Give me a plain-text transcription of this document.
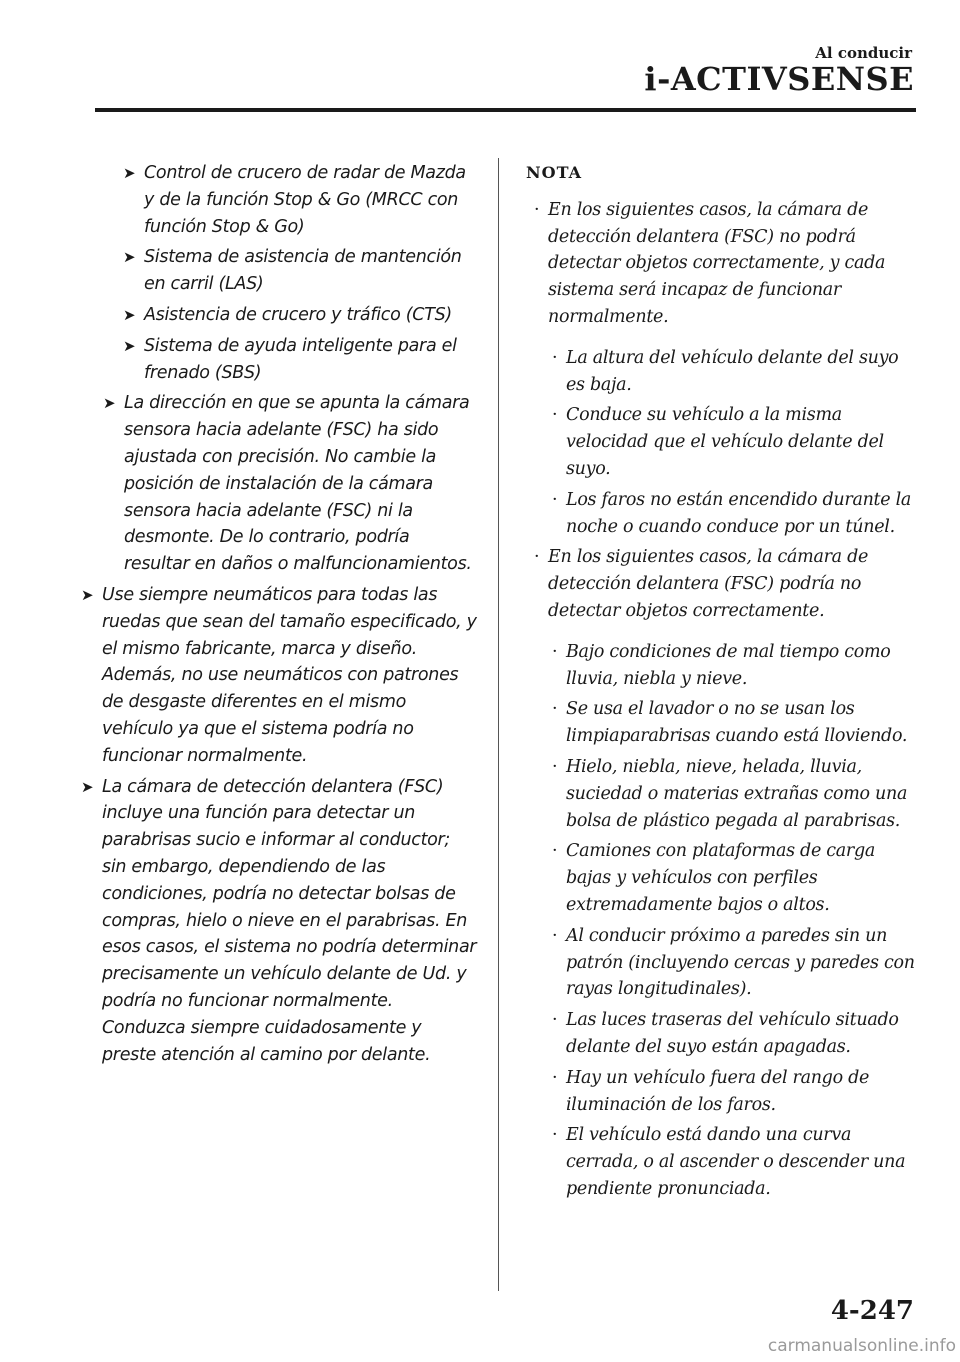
Al conducir
i-ACTIVSENSE
➤ Control de crucero de radar de Mazda y de la función Stop & Go (MRCC con función Stop & Go)
➤ Sistema de asistencia de mantención en carril (LAS)
➤ Asistencia de crucero y tráfico (CTS)
➤ Sistema de ayuda inteligente para el frenado (SBS)
➤ La dirección en que se apunta la cámara sensora hacia adelante (FSC) ha sido ajustada con precisión. No cambie la posición de instalación de la cámara sensora hacia adelante (FSC) ni la desmonte. De lo contrario, podría resultar en daños o malfuncionamientos.
➤ Use siempre neumáticos para todas las ruedas que sean del tamaño especificado, y el mismo fabricante, marca y diseño. Además, no use neumáticos con patrones de desgaste diferentes en el mismo vehículo ya que el sistema podría no funcionar normalmente.
➤ La cámara de detección delantera (FSC) incluye una función para detectar un parabrisas sucio e informar al conductor; sin embargo, dependiendo de las condiciones, podría no detectar bolsas de compras, hielo o nieve en el parabrisas. En esos casos, el sistema no podría determinar precisamente un vehículo delante de Ud. y podría no funcionar normalmente. Conduzca siempre cuidadosamente y preste atención al camino por delante.
NOTA
· En los siguientes casos, la cámara de detección delantera (FSC) no podrá detectar objetos correctamente, y cada sistema será incapaz de funcionar normalmente.
· La altura del vehículo delante del suyo es baja.
· Conduce su vehículo a la misma velocidad que el vehículo delante del suyo.
· Los faros no están encendido durante la noche o cuando conduce por un túnel.
· En los siguientes casos, la cámara de detección delantera (FSC) podría no detectar objetos correctamente.
· Bajo condiciones de mal tiempo como lluvia, niebla y nieve.
· Se usa el lavador o no se usan los limpiaparabrisas cuando está lloviendo.
· Hielo, niebla, nieve, helada, lluvia, suciedad o materias extrañas como una bolsa de plástico pegada al parabrisas.
· Camiones con plataformas de carga bajas y vehículos con perfiles extremadamente bajos o altos.
· Al conducir próximo a paredes sin un patrón (incluyendo cercas y paredes con rayas longitudinales).
· Las luces traseras del vehículo situado delante del suyo están apagadas.
· Hay un vehículo fuera del rango de iluminación de los faros.
· El vehículo está dando una curva cerrada, o al ascender o descender una pendiente pronunciada.
4-247
carmanualsonline.info
